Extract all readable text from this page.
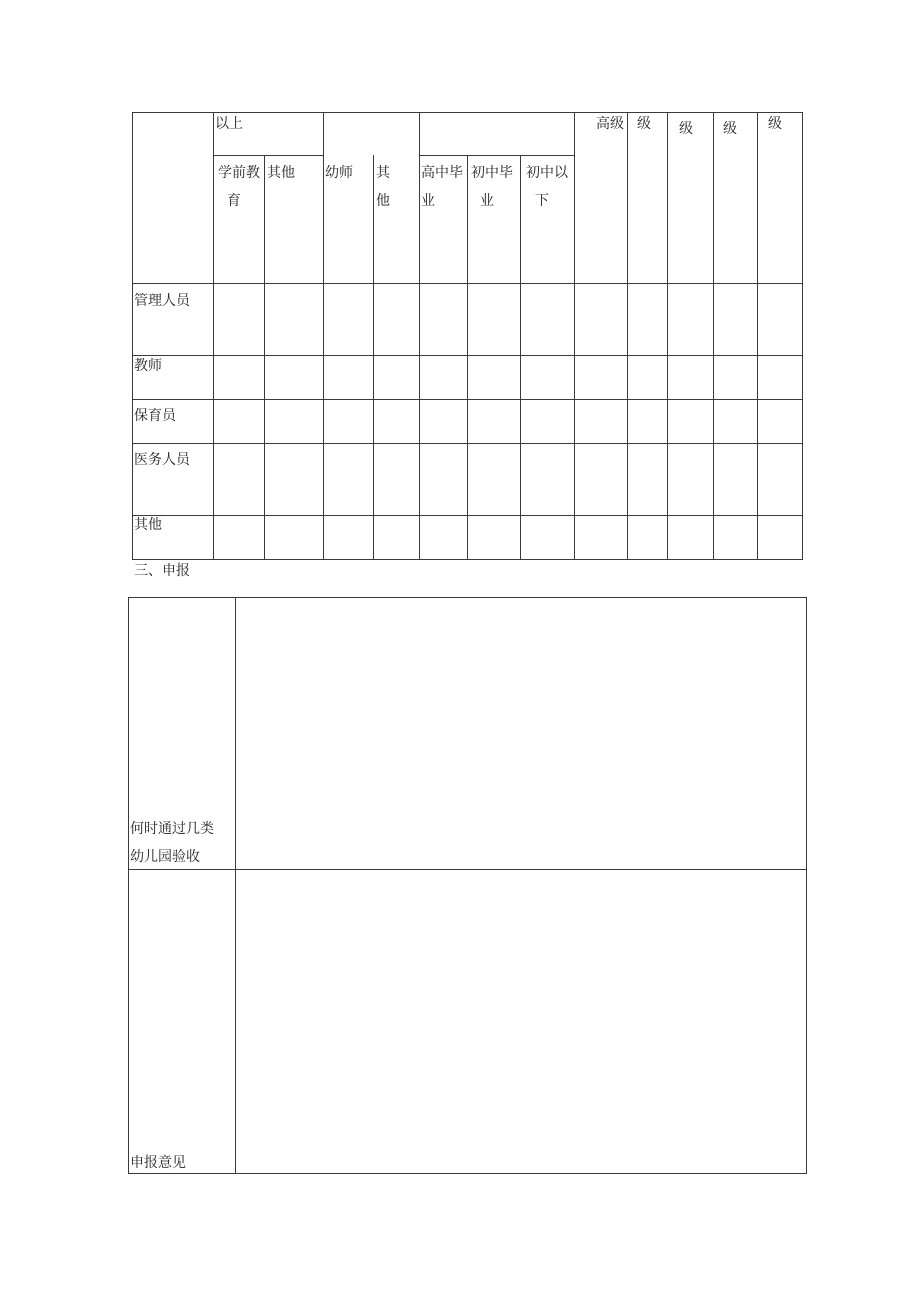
以上	高级 级 级 级 级
学前教
育
其他 幼师 其
他
高中毕
业
初中毕
业
初中以
下
管理人员
教师
保育员
医务人员
其他
三、申报
何时通过几类
幼儿园验收
申报意见
